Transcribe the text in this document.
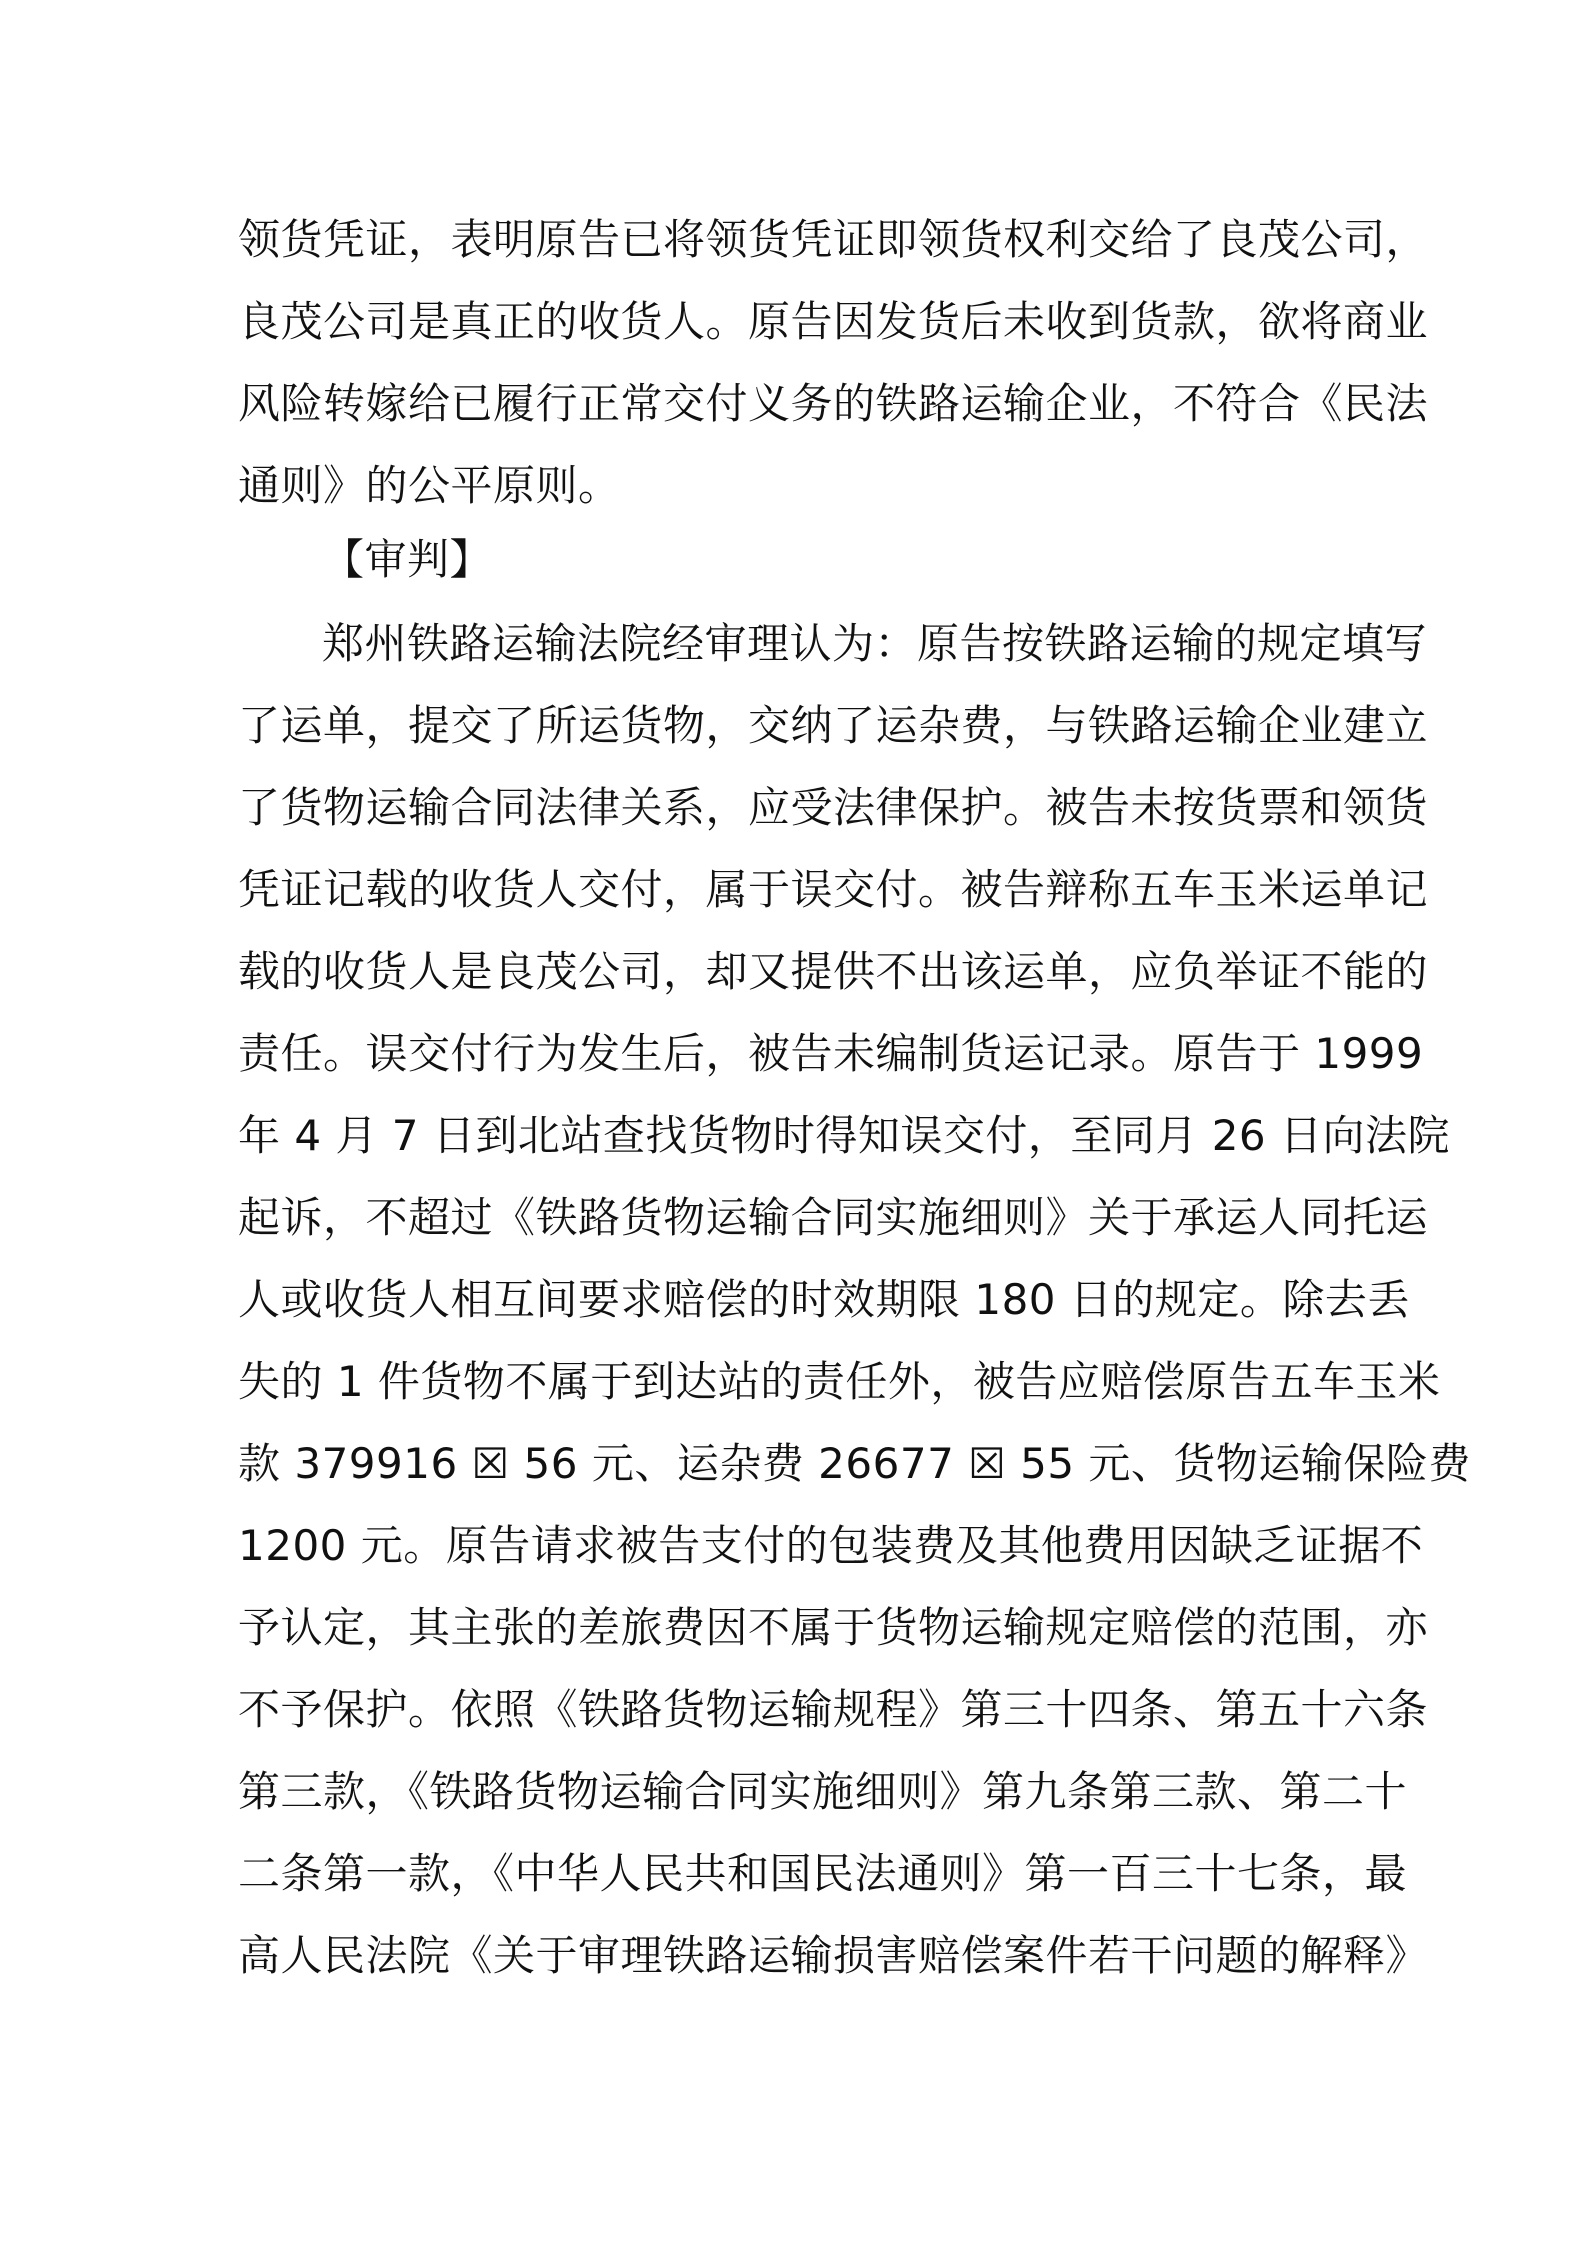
领货凭证，表明原告已将领货凭证即领货权利交给了良茂公司，
良茂公司是真正的收货人。原告因发货后未收到货款，欲将商业
风险转嫁给已履行正常交付义务的铁路运输企业，不符合《民法
通则》的公平原则。
【审判】
郑州铁路运输法院经审理认为：原告按铁路运输的规定填写
了运单，提交了所运货物，交纳了运杂费，与铁路运输企业建立
了货物运输合同法律关系，应受法律保护。被告未按货票和领货
凭证记载的收货人交付，属于误交付。被告辩称五车玉米运单记
载的收货人是良茂公司，却又提供不出该运单，应负举证不能的
责任。误交付行为发生后，被告未编制货运记录。原告于 1999
年 4 月 7 日到北站查找货物时得知误交付，至同月 26 日向法院
起诉，不超过《铁路货物运输合同实施细则》关于承运人同托运
人或收货人相互间要求赔偿的时效期限 180 日的规定。除去丢
失的 1 件货物不属于到达站的责任外，被告应赔偿原告五车玉米
款 379916 ☒ 56 元、运杂费 26677 ☒ 55 元、货物运输保险费
1200 元。原告请求被告支付的包装费及其他费用因缺乏证据不
予认定，其主张的差旅费因不属于货物运输规定赔偿的范围，亦
不予保护。依照《铁路货物运输规程》第三十四条、第五十六条
第三款，《铁路货物运输合同实施细则》第九条第三款、第二十
二条第一款，《中华人民共和国民法通则》第一百三十七条，最
高人民法院《关于审理铁路运输损害赔偿案件若干问题的解释》
